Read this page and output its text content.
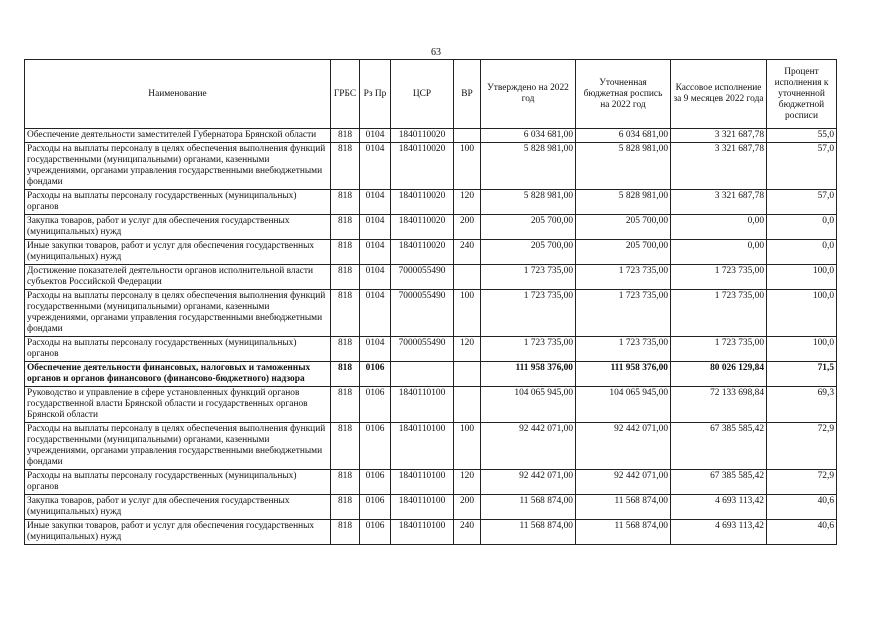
63
Наименование	ГРБС	Рз Пр	ЦСР	ВР	Утверждено на 2022 год	Уточненная бюджетная роспись на 2022 год	Кассовое исполнение за 9 месяцев 2022 года	Процент исполнения к уточненной бюджетной росписи
Обеспечение деятельности заместителей Губернатора Брянской области	818	0104	1840110020		6 034 681,00	6 034 681,00	3 321 687,78	55,0
Расходы на выплаты персоналу в целях обеспечения выполнения функций государственными (муниципальными) органами, казенными учреждениями, органами управления государственными внебюджетными фондами	818	0104	1840110020	100	5 828 981,00	5 828 981,00	3 321 687,78	57,0
Расходы на выплаты персоналу государственных (муниципальных) органов	818	0104	1840110020	120	5 828 981,00	5 828 981,00	3 321 687,78	57,0
Закупка товаров, работ и услуг для обеспечения государственных (муниципальных) нужд	818	0104	1840110020	200	205 700,00	205 700,00	0,00	0,0
Иные закупки товаров, работ и услуг для обеспечения государственных (муниципальных) нужд	818	0104	1840110020	240	205 700,00	205 700,00	0,00	0,0
Достижение показателей деятельности органов исполнительной власти субъектов Российской Федерации	818	0104	7000055490		1 723 735,00	1 723 735,00	1 723 735,00	100,0
Расходы на выплаты персоналу в целях обеспечения выполнения функций государственными (муниципальными) органами, казенными учреждениями, органами управления государственными внебюджетными фондами	818	0104	7000055490	100	1 723 735,00	1 723 735,00	1 723 735,00	100,0
Расходы на выплаты персоналу государственных (муниципальных) органов	818	0104	7000055490	120	1 723 735,00	1 723 735,00	1 723 735,00	100,0
Обеспечение деятельности финансовых, налоговых и таможенных органов и органов финансового (финансово-бюджетного) надзора	818	0106			111 958 376,00	111 958 376,00	80 026 129,84	71,5
Руководство и управление в сфере установленных функций органов государственной власти Брянской области и государственных органов Брянской области	818	0106	1840110100		104 065 945,00	104 065 945,00	72 133 698,84	69,3
Расходы на выплаты персоналу в целях обеспечения выполнения функций государственными (муниципальными) органами, казенными учреждениями, органами управления государственными внебюджетными фондами	818	0106	1840110100	100	92 442 071,00	92 442 071,00	67 385 585,42	72,9
Расходы на выплаты персоналу государственных (муниципальных) органов	818	0106	1840110100	120	92 442 071,00	92 442 071,00	67 385 585,42	72,9
Закупка товаров, работ и услуг для обеспечения государственных (муниципальных) нужд	818	0106	1840110100	200	11 568 874,00	11 568 874,00	4 693 113,42	40,6
Иные закупки товаров, работ и услуг для обеспечения государственных (муниципальных) нужд	818	0106	1840110100	240	11 568 874,00	11 568 874,00	4 693 113,42	40,6
